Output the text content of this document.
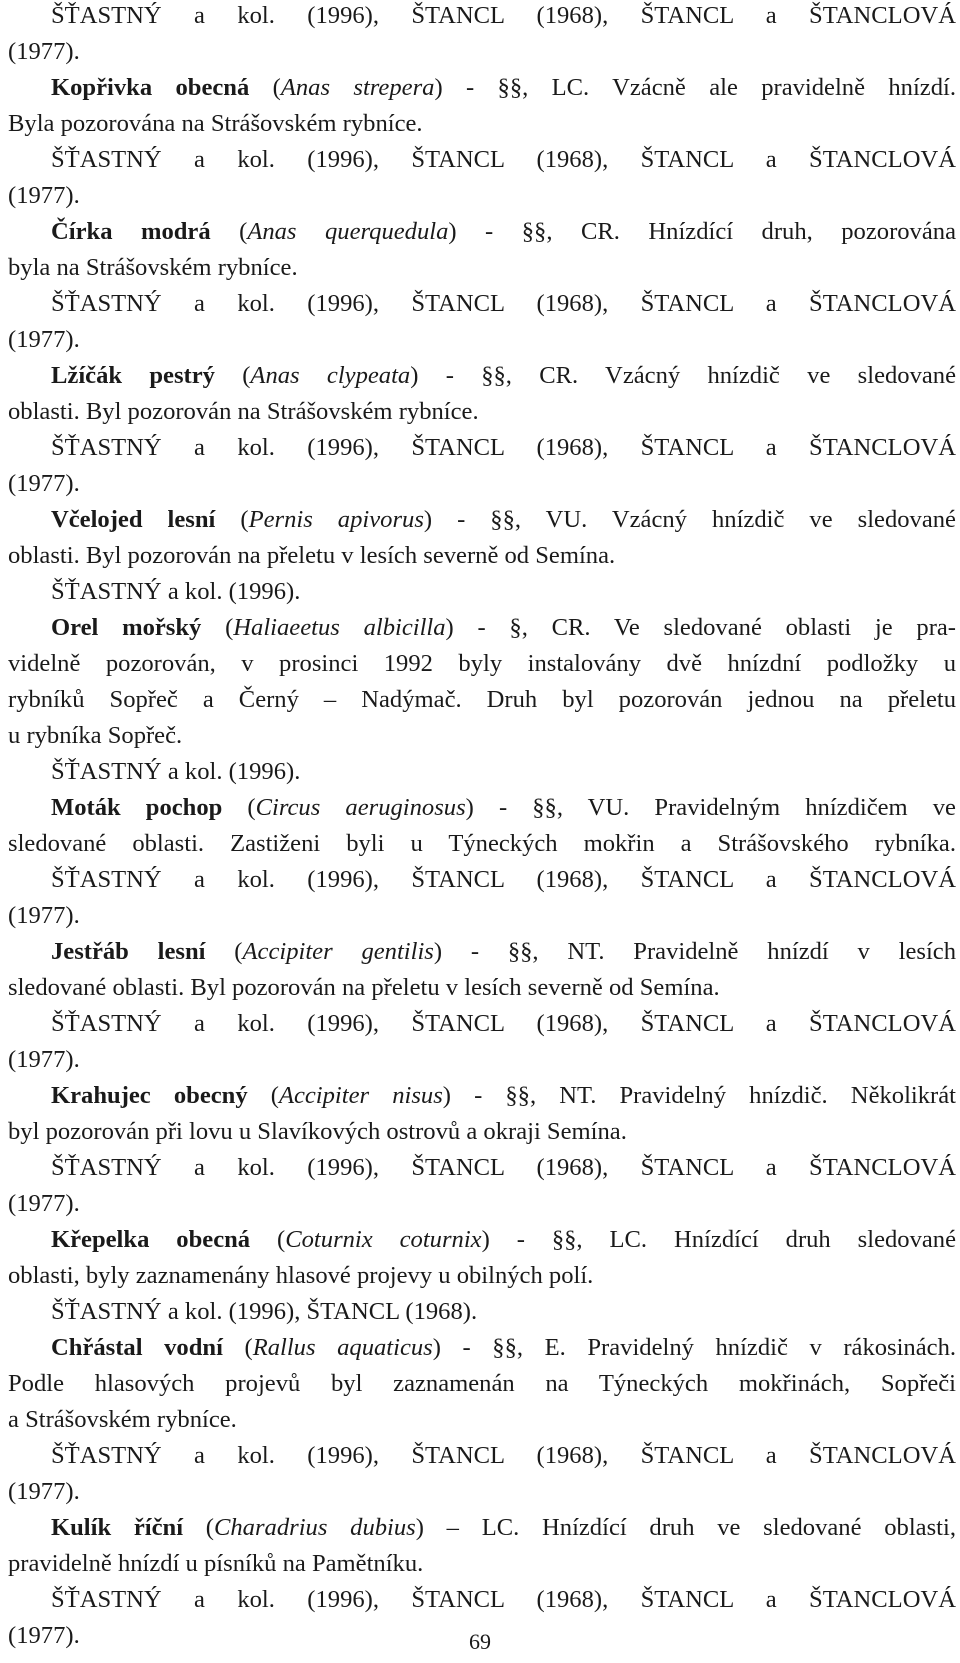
ŠŤASTNÝ a kol. (1996), ŠTANCL (1968), ŠTANCL a ŠTANCLOVÁ
(1977).
Kopřivka obecná (Anas strepera) - §§, LC. Vzácně ale pravidelně hnízdí.
Byla pozorována na Strášovském rybníce.
ŠŤASTNÝ a kol. (1996), ŠTANCL (1968), ŠTANCL a ŠTANCLOVÁ
(1977).
Čírka modrá (Anas querquedula) - §§, CR. Hnízdící druh, pozorována
byla na Strášovském rybníce.
ŠŤASTNÝ a kol. (1996), ŠTANCL (1968), ŠTANCL a ŠTANCLOVÁ
(1977).
Lžíčák pestrý (Anas clypeata) - §§, CR. Vzácný hnízdič ve sledované
oblasti. Byl pozorován na Strášovském rybníce.
ŠŤASTNÝ a kol. (1996), ŠTANCL (1968), ŠTANCL a ŠTANCLOVÁ
(1977).
Včelojed lesní (Pernis apivorus) - §§, VU. Vzácný hnízdič ve sledované
oblasti. Byl pozorován na přeletu v lesích severně od Semína.
ŠŤASTNÝ a kol. (1996).
Orel mořský (Haliaeetus albicilla) - §, CR. Ve sledované oblasti je pra-
videlně pozorován, v prosinci 1992 byly instalovány dvě hnízdní podložky u
rybníků Sopřeč a Černý – Nadýmač. Druh byl pozorován jednou na přeletu
u rybníka Sopřeč.
ŠŤASTNÝ a kol. (1996).
Moták pochop (Circus aeruginosus) - §§, VU. Pravidelným hnízdičem ve
sledované oblasti. Zastiženi byli u Týneckých mokřin a Strášovského rybníka.
ŠŤASTNÝ a kol. (1996), ŠTANCL (1968), ŠTANCL a ŠTANCLOVÁ
(1977).
Jestřáb lesní (Accipiter gentilis) - §§, NT. Pravidelně hnízdí v lesích
sledované oblasti. Byl pozorován na přeletu v lesích severně od Semína.
ŠŤASTNÝ a kol. (1996), ŠTANCL (1968), ŠTANCL a ŠTANCLOVÁ
(1977).
Krahujec obecný (Accipiter nisus) - §§, NT. Pravidelný hnízdič. Několikrát
byl pozorován při lovu u Slavíkových ostrovů a okraji Semína.
ŠŤASTNÝ a kol. (1996), ŠTANCL (1968), ŠTANCL a ŠTANCLOVÁ
(1977).
Křepelka obecná (Coturnix coturnix) - §§, LC. Hnízdící druh sledované
oblasti, byly zaznamenány hlasové projevy u obilných polí.
ŠŤASTNÝ a kol. (1996), ŠTANCL (1968).
Chřástal vodní (Rallus aquaticus) - §§, E. Pravidelný hnízdič v rákosinách.
Podle hlasových projevů byl zaznamenán na Týneckých mokřinách, Sopřeči
a Strášovském rybníce.
ŠŤASTNÝ a kol. (1996), ŠTANCL (1968), ŠTANCL a ŠTANCLOVÁ
(1977).
Kulík říční (Charadrius dubius) – LC. Hnízdící druh ve sledované oblasti,
pravidelně hnízdí u písníků na Pamětníku.
ŠŤASTNÝ a kol. (1996), ŠTANCL (1968), ŠTANCL a ŠTANCLOVÁ
(1977).	69
